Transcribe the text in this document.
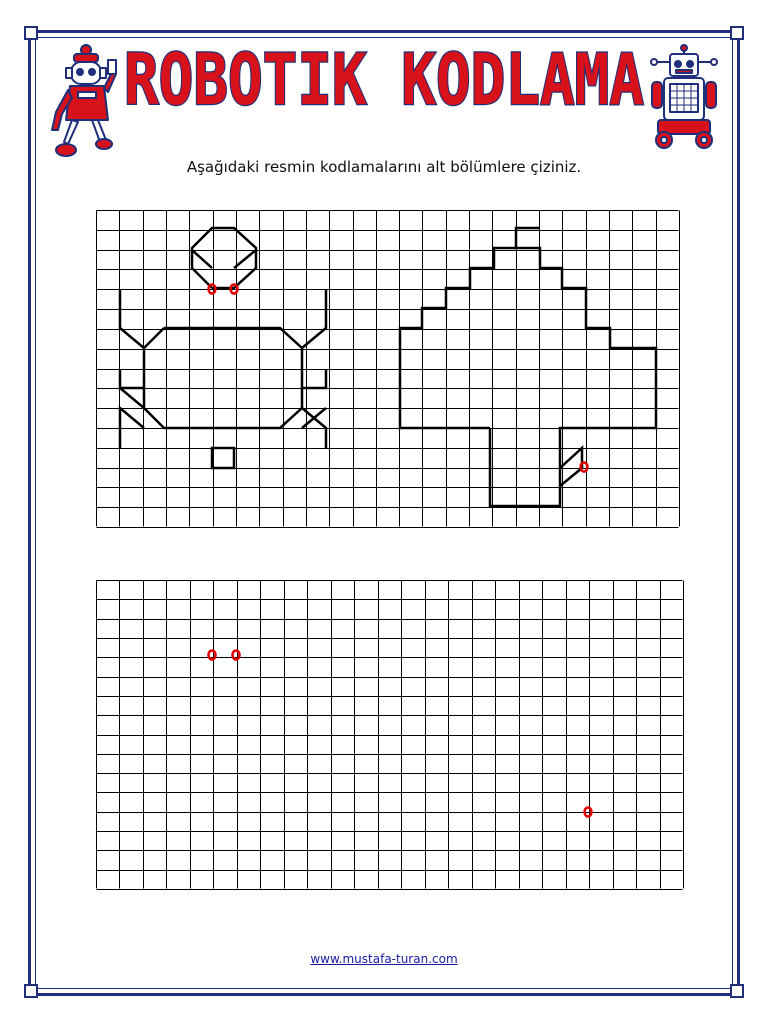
ROBOTIK KODLAMA
Aşağıdaki resmin kodlamalarını alt bölümlere çiziniz.
www.mustafa-turan.com
